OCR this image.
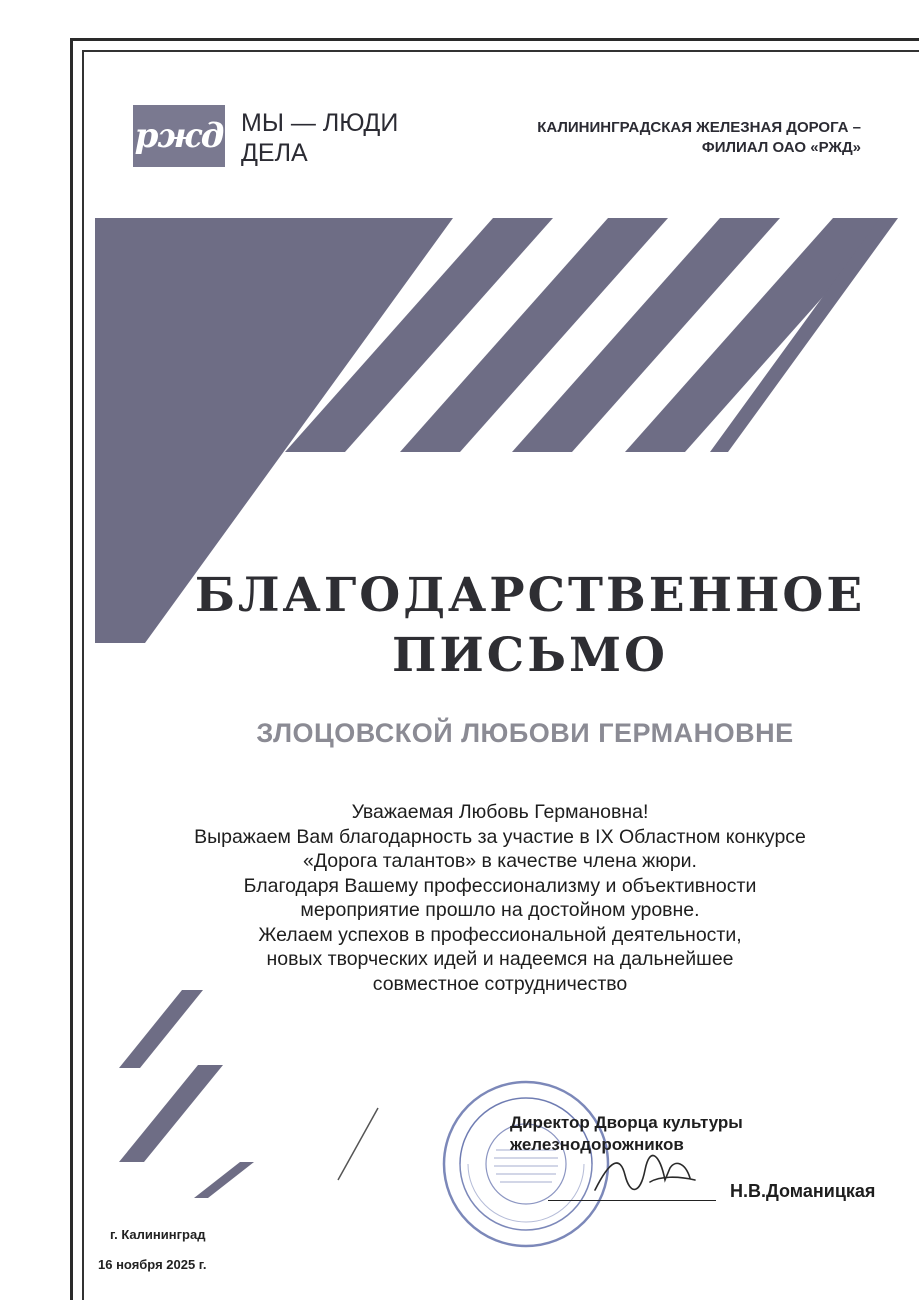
ржд МЫ — ЛЮДИ
ДЕЛА
КАЛИНИНГРАДСКАЯ ЖЕЛЕЗНАЯ ДОРОГА –
ФИЛИАЛ ОАО «РЖД»
БЛАГОДАРСТВЕННОЕ
ПИСЬМО
ЗЛОЦОВСКОЙ ЛЮБОВИ ГЕРМАНОВНЕ
Уважаемая Любовь Германовна!
Выражаем Вам благодарность за участие в IX Областном конкурсе
«Дорога талантов» в качестве члена жюри.
Благодаря Вашему профессионализму и объективности
мероприятие прошло на достойном уровне.
Желаем успехов в профессиональной деятельности,
новых творческих идей и надеемся на дальнейшее
совместное сотрудничество
Директор Дворца культуры
железнодорожников
Н.В.Доманицкая
г. Калининград
16 ноября 2025 г.
